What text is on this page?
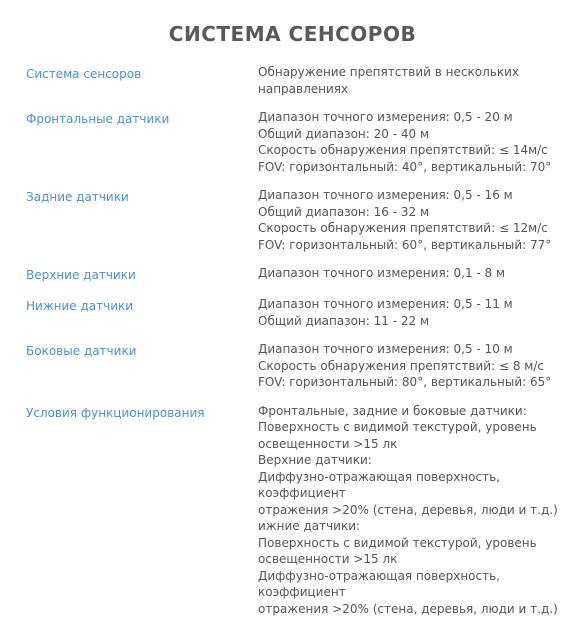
СИСТЕМА СЕНСОРОВ
Система сенсоров	Обнаружение препятствий в нескольких
направлениях
Фронтальные датчики	Диапазон точного измерения: 0,5 - 20 м
Общий диапазон: 20 - 40 м
Скорость обнаружения препятствий: ≤ 14м/с
FOV: горизонтальный: 40°, вертикальный: 70°
Задние датчики	Диапазон точного измерения: 0,5 - 16 м
Общий диапазон: 16 - 32 м
Скорость обнаружения препятствий: ≤ 12м/с
FOV: горизонтальный: 60°, вертикальный: 77°
Верхние датчики	Диапазон точного измерения: 0,1 - 8 м
Нижние датчики	Диапазон точного измерения: 0,5 - 11 м
Общий диапазон: 11 - 22 м
Боковые датчики	Диапазон точного измерения: 0,5 - 10 м
Скорость обнаружения препятствий: ≤ 8 м/с
FOV: горизонтальный: 80°, вертикальный: 65°
Условия функционирования	Фронтальные, задние и боковые датчики:
Поверхность с видимой текстурой, уровень
освещенности >15 лк
Верхние датчики:
Диффузно-отражающая поверхность, коэффициент
отражения >20% (стена, деревья, люди и т.д.)
ижние датчики:
Поверхность с видимой текстурой, уровень
освещенности >15 лк
Диффузно-отражающая поверхность, коэффициент
отражения >20% (стена, деревья, люди и т.д.)
